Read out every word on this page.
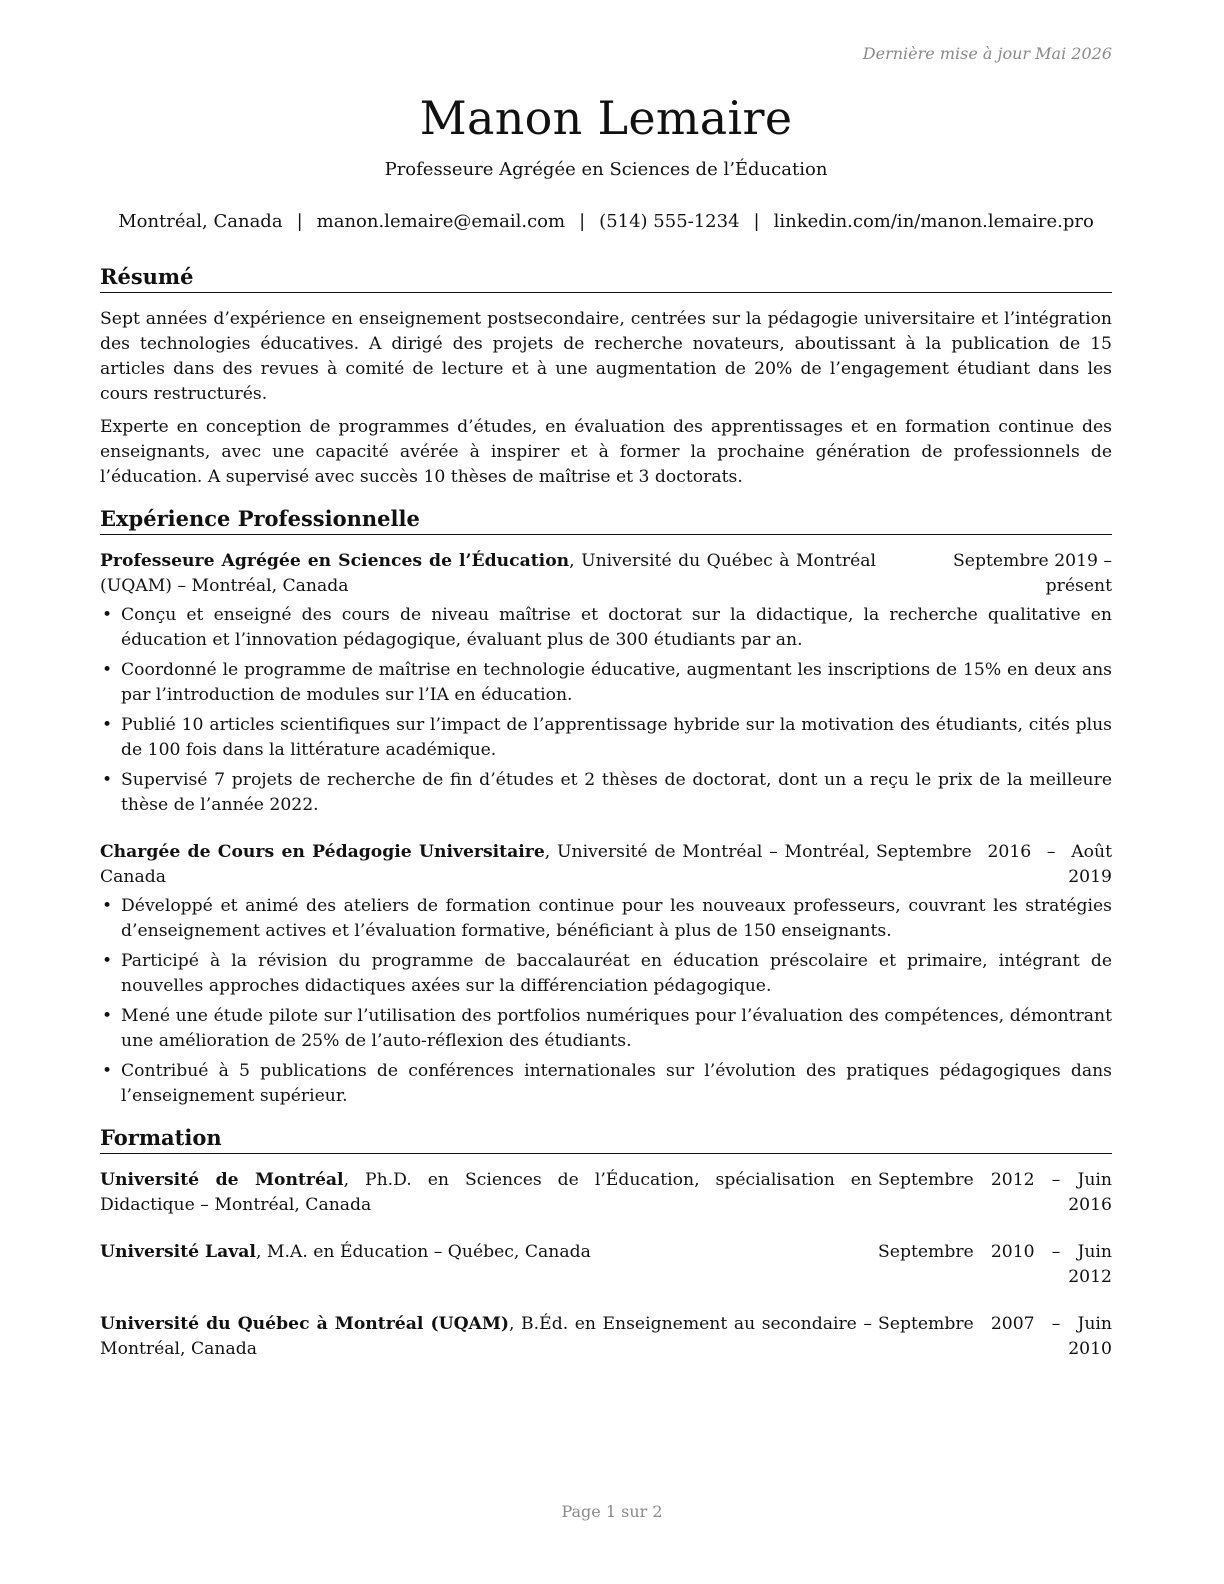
Dernière mise à jour Mai 2026
Manon Lemaire
Professeure Agrégée en Sciences de l’Éducation
Montréal, Canada | manon.lemaire@email.com | (514) 555-1234 | linkedin.com/in/manon.lemaire.pro
Résumé

Sept années d’expérience en enseignement postsecondaire, centrées sur la pédagogie universitaire et l’intégration des technologies éducatives. A dirigé des projets de recherche novateurs, aboutissant à la publication de 15 articles dans des revues à comité de lecture et à une augmentation de 20% de l’engagement étudiant dans les cours restructurés.

Experte en conception de programmes d’études, en évaluation des apprentissages et en formation continue des enseignants, avec une capacité avérée à inspirer et à former la prochaine génération de professionnels de l’éducation. A supervisé avec succès 10 thèses de maîtrise et 3 doctorats.

Expérience Professionnelle
Professeure Agrégée en Sciences de l’Éducation, Université du Québec à Montréal (UQAM) – Montréal, Canada
Septembre 2019 – présent
• Conçu et enseigné des cours de niveau maîtrise et doctorat sur la didactique, la recherche qualitative en éducation et l’innovation pédagogique, évaluant plus de 300 étudiants par an.
• Coordonné le programme de maîtrise en technologie éducative, augmentant les inscriptions de 15% en deux ans par l’introduction de modules sur l’IA en éducation.
• Publié 10 articles scientifiques sur l’impact de l’apprentissage hybride sur la motivation des étudiants, cités plus de 100 fois dans la littérature académique.
• Supervisé 7 projets de recherche de fin d’études et 2 thèses de doctorat, dont un a reçu le prix de la meilleure thèse de l’année 2022.
Chargée de Cours en Pédagogie Universitaire, Université de Montréal – Montréal, Canada
Septembre 2016 – Août 2019
• Développé et animé des ateliers de formation continue pour les nouveaux professeurs, couvrant les stratégies d’enseignement actives et l’évaluation formative, bénéficiant à plus de 150 enseignants.
• Participé à la révision du programme de baccalauréat en éducation préscolaire et primaire, intégrant de nouvelles approches didactiques axées sur la différenciation pédagogique.
• Mené une étude pilote sur l’utilisation des portfolios numériques pour l’évaluation des compétences, démontrant une amélioration de 25% de l’auto-réflexion des étudiants.
• Contribué à 5 publications de conférences internationales sur l’évolution des pratiques pédagogiques dans l’enseignement supérieur.
Formation
Université de Montréal, Ph.D. en Sciences de l’Éducation, spécialisation en Didactique – Montréal, Canada
Septembre 2012 – Juin 2016
Université Laval, M.A. en Éducation – Québec, Canada	Septembre 2010 – Juin 2012
Université du Québec à Montréal (UQAM), B.Éd. en Enseignement au secondaire – Montréal, Canada
Septembre 2007 – Juin 2010
Page 1 sur 2
